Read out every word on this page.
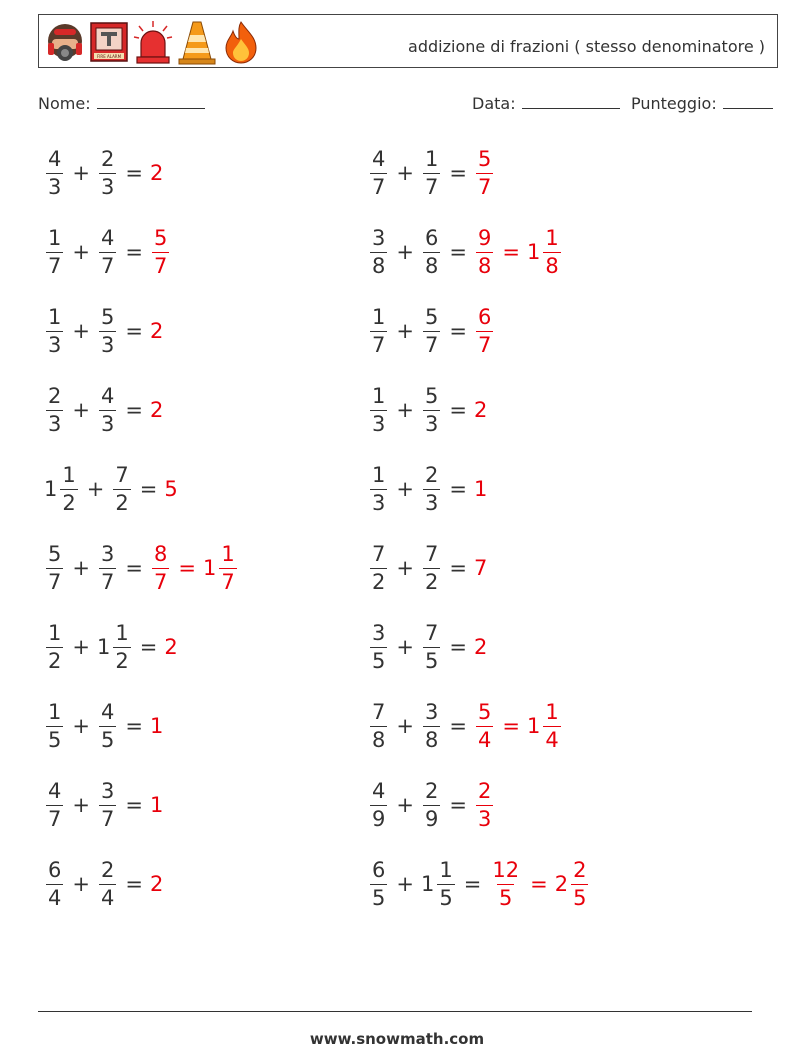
FIRE ALARM
addizione di frazioni ( stesso denominatore )
Nome:	Data:	Punteggio:
$\frac{4}{3} + \frac{2}{3} = 2$	$\frac{4}{7} + \frac{1}{7} = \frac{5}{7}$
$\frac{1}{7} + \frac{4}{7} = \frac{5}{7}$	$\frac{3}{8} + \frac{6}{8} = \frac{9}{8} = 1 \frac{1}{8}$
$\frac{1}{3} + \frac{5}{3} = 2$	$\frac{1}{7} + \frac{5}{7} = \frac{6}{7}$
$\frac{2}{3} + \frac{4}{3} = 2$	$\frac{1}{3} + \frac{5}{3} = 2$
$1 \frac{1}{2} + \frac{7}{2} = 5$	$\frac{1}{3} + \frac{2}{3} = 1$
$\frac{5}{7} + \frac{3}{7} = \frac{8}{7} = 1 \frac{1}{7}$	$\frac{7}{2} + \frac{7}{2} = 7$
$\frac{1}{2} + 1 \frac{1}{2} = 2$	$\frac{3}{5} + \frac{7}{5} = 2$
$\frac{1}{5} + \frac{4}{5} = 1$	$\frac{7}{8} + \frac{3}{8} = \frac{5}{4} = 1 \frac{1}{4}$
$\frac{4}{7} + \frac{3}{7} = 1$	$\frac{4}{9} + \frac{2}{9} = \frac{2}{3}$
$\frac{6}{4} + \frac{2}{4} = 2$	$\frac{6}{5} + 1 \frac{1}{5} = \frac{12}{5} = 2 \frac{2}{5}$
www.snowmath.com
